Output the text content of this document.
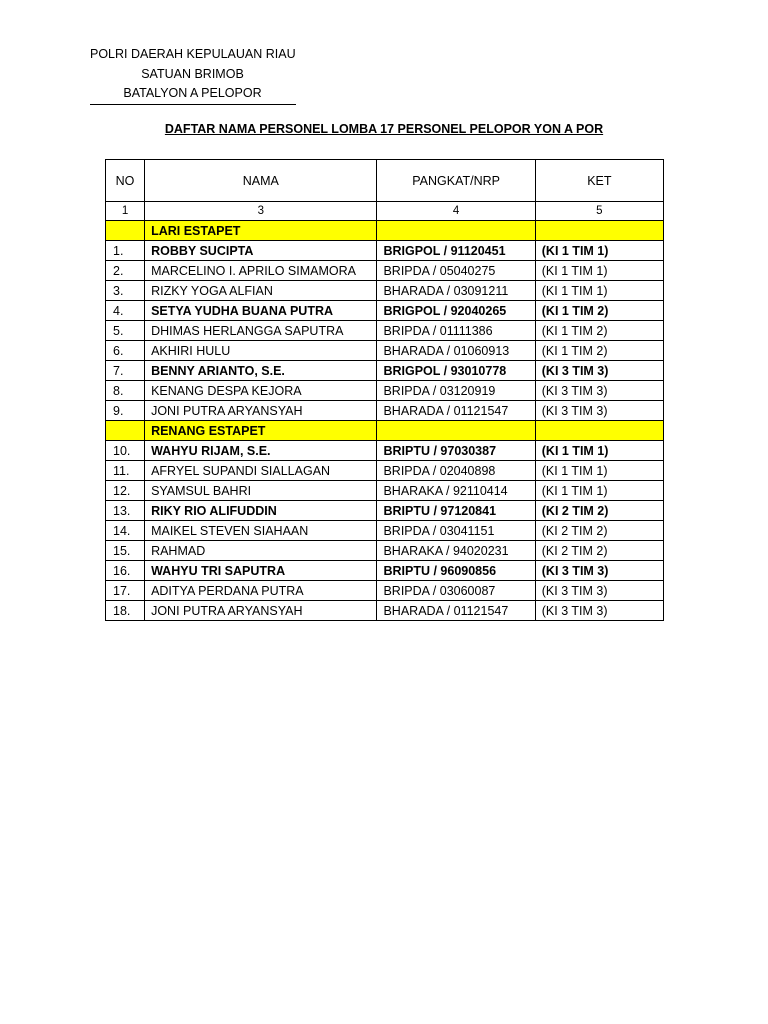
POLRI DAERAH KEPULAUAN RIAU
SATUAN BRIMOB
BATALYON A PELOPOR
DAFTAR NAMA PERSONEL LOMBA 17 PERSONEL PELOPOR YON A POR
NO	NAMA	PANGKAT/NRP	KET
1	3	4	5
	LARI ESTAPET		
1.	ROBBY SUCIPTA	BRIGPOL / 91120451	(KI 1 TIM 1)
2.	MARCELINO I. APRILO SIMAMORA	BRIPDA / 05040275	(KI 1 TIM 1)
3.	RIZKY YOGA ALFIAN	BHARADA / 03091211	(KI 1 TIM 1)
4.	SETYA YUDHA BUANA PUTRA	BRIGPOL / 92040265	(KI 1 TIM 2)
5.	DHIMAS HERLANGGA SAPUTRA	BRIPDA / 01111386	(KI 1 TIM 2)
6.	AKHIRI HULU	BHARADA / 01060913	(KI 1 TIM 2)
7.	BENNY ARIANTO, S.E.	BRIGPOL / 93010778	(KI 3 TIM 3)
8.	KENANG DESPA KEJORA	BRIPDA / 03120919	(KI 3 TIM 3)
9.	JONI PUTRA ARYANSYAH	BHARADA / 01121547	(KI 3 TIM 3)
	RENANG ESTAPET		
10.	WAHYU RIJAM, S.E.	BRIPTU / 97030387	(KI 1 TIM 1)
11.	AFRYEL SUPANDI SIALLAGAN	BRIPDA / 02040898	(KI 1 TIM 1)
12.	SYAMSUL BAHRI	BHARAKA / 92110414	(KI 1 TIM 1)
13.	RIKY RIO ALIFUDDIN	BRIPTU / 97120841	(KI 2 TIM 2)
14.	MAIKEL STEVEN SIAHAAN	BRIPDA / 03041151	(KI 2 TIM 2)
15.	RAHMAD	BHARAKA / 94020231	(KI 2 TIM 2)
16.	WAHYU TRI SAPUTRA	BRIPTU / 96090856	(KI 3 TIM 3)
17.	ADITYA PERDANA PUTRA	BRIPDA / 03060087	(KI 3 TIM 3)
18.	JONI PUTRA ARYANSYAH	BHARADA / 01121547	(KI 3 TIM 3)
